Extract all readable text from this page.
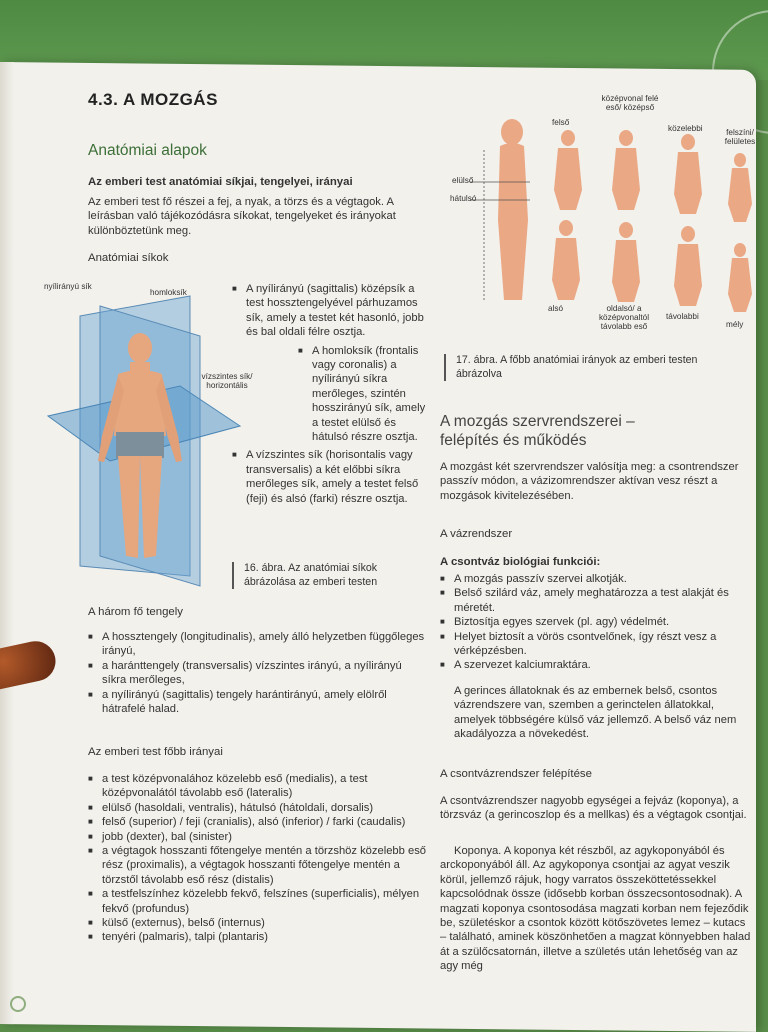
4.3. A MOZGÁS
Anatómiai alapok
Az emberi test anatómiai síkjai, tengelyei, irányai
Az emberi test fő részei a fej, a nyak, a törzs és a végtagok. A leírásban való tájékozódásra síkokat, tengelyeket és irányokat különböztetünk meg.
Anatómiai síkok
nyílirányú sík
homloksík
vízszintes sík/
horizontális
■ A nyílirányú (sagittalis) középsík a test hossztengelyével párhuzamos sík, amely a testet két hasonló, jobb és bal oldali félre osztja.
■ A homloksík (frontalis vagy coronalis) a nyílirányú síkra merőleges, szintén hosszirányú sík, amely a testet elülső és hátulsó részre osztja.
■ A vízszintes sík (horisontalis vagy transversalis) a két előbbi síkra merőleges sík, amely a testet felső (feji) és alsó (farki) részre osztja.
16. ábra. Az anatómiai síkok ábrázolása az emberi testen
A három fő tengely
■ A hossztengely (longitudinalis), amely álló helyzetben függőleges irányú,
■ a haránttengely (transversalis) vízszintes irányú, a nyílirányú síkra merőleges,
■ a nyílirányú (sagittalis) tengely harántirányú, amely elölről hátrafelé halad.
Az emberi test főbb irányai
■ a test középvonalához közelebb eső (medialis), a test középvonalától távolabb eső (lateralis)
■ elülső (hasoldali, ventralis), hátulsó (hátoldali, dorsalis)
■ felső (superior) / feji (cranialis), alsó (inferior) / farki (caudalis)
■ jobb (dexter), bal (sinister)
■ a végtagok hosszanti főtengelye mentén a törzshöz közelebb eső rész (proximalis), a végtagok hosszanti főtengelye mentén a törzstől távolabb eső rész (distalis)
■ a testfelszínhez közelebb fekvő, felszínes (superficialis), mélyen fekvő (profundus)
■ külső (externus), belső (internus)
■ tenyéri (palmaris), talpi (plantaris)
felső
középvonal felé eső/ középső
közelebbi	felszíni/ felületes
elülső
hátulsó
alsó	oldalsó/ a középvonaltól távolabb eső
távolabbi
mély
17. ábra. A főbb anatómiai irányok az emberi testen ábrázolva
A mozgás szervrendszerei – felépítés és működés
A mozgást két szervrendszer valósítja meg: a csontrendszer passzív módon, a vázizomrendszer aktívan vesz részt a mozgások kivitelezésében.
A vázrendszer
A csontváz biológiai funkciói:
■ A mozgás passzív szervei alkotják.
■ Belső szilárd váz, amely meghatározza a test alakját és méretét.
■ Biztosítja egyes szervek (pl. agy) védelmét.
■ Helyet biztosít a vörös csontvelőnek, így részt vesz a vérképzésben.
■ A szervezet kalciumraktára.
A gerinces állatoknak és az embernek belső, csontos vázrendszere van, szemben a gerinctelen állatokkal, amelyek többségére külső váz jellemző. A belső váz nem akadályozza a növekedést.
A csontvázrendszer felépítése
A csontvázrendszer nagyobb egységei a fejváz (koponya), a törzsváz (a gerincoszlop és a mellkas) és a végtagok csontjai.
Koponya. A koponya két részből, az agykoponyából és arckoponyából áll. Az agykoponya csontjai az agyat veszik körül, jellemző rájuk, hogy varratos összeköttetéssekkel kapcsolódnak össze (idősebb korban összecsontosodnak). A magzati koponya csontosodása magzati korban nem fejeződik be, születéskor a csontok között kötőszövetes lemez – kutacs – található, aminek köszönhetően a magzat könnyebben halad át a szülőcsatornán, illetve a születés után lehetőség van az agy még
